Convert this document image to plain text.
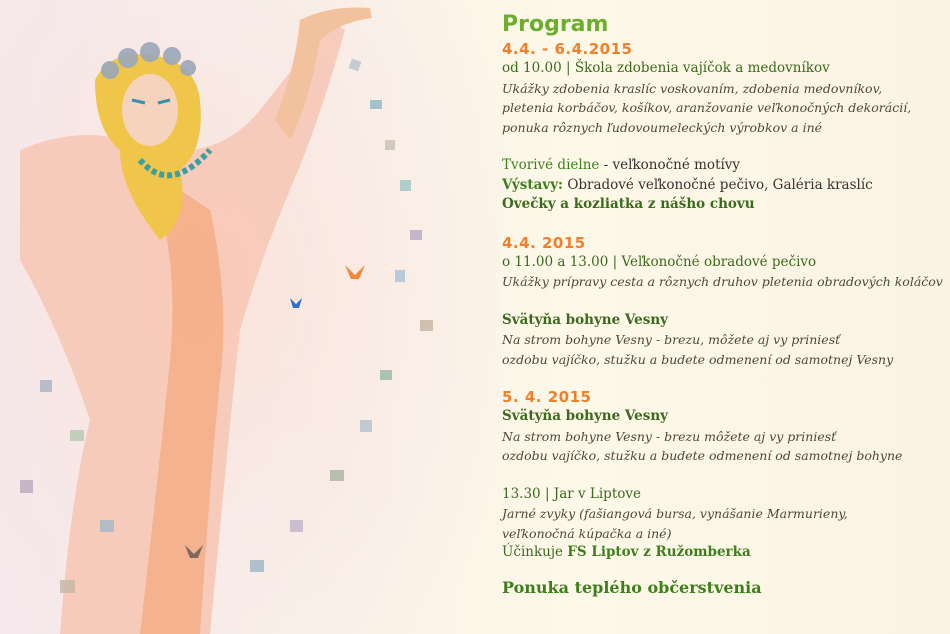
Program

4.4. - 6.4.2015

od 10.00 | Škola zdobenia vajíčok a medovníkov

Ukážky zdobenia kraslíc voskovaním, zdobenia medovníkov,

pletenia korbáčov, košíkov, aranžovanie veľkonočných dekorácií,

ponuka rôznych ľudovoumeleckých výrobkov a iné

Tvorivé dielne - veľkonočné motívy

Výstavy: Obradové veľkonočné pečivo, Galéria kraslíc

Ovečky a kozliatka z nášho chovu

4.4. 2015

o 11.00 a 13.00 | Veľkonočné obradové pečivo

Ukážky prípravy cesta a rôznych druhov pletenia obradových koláčov

Svätyňa bohyne Vesny

Na strom bohyne Vesny - brezu, môžete aj vy priniesť

ozdobu vajíčko, stužku a budete odmenení od samotnej Vesny

5. 4. 2015

Svätyňa bohyne Vesny

Na strom bohyne Vesny - brezu môžete aj vy priniesť

ozdobu vajíčko, stužku a budete odmenení od samotnej bohyne

13.30 | Jar v Liptove

Jarné zvyky (fašiangová bursa, vynášanie Marmurieny,

veľkonočná kúpačka a iné)

Účinkuje FS Liptov z Ružomberka

Ponuka teplého občerstvenia
